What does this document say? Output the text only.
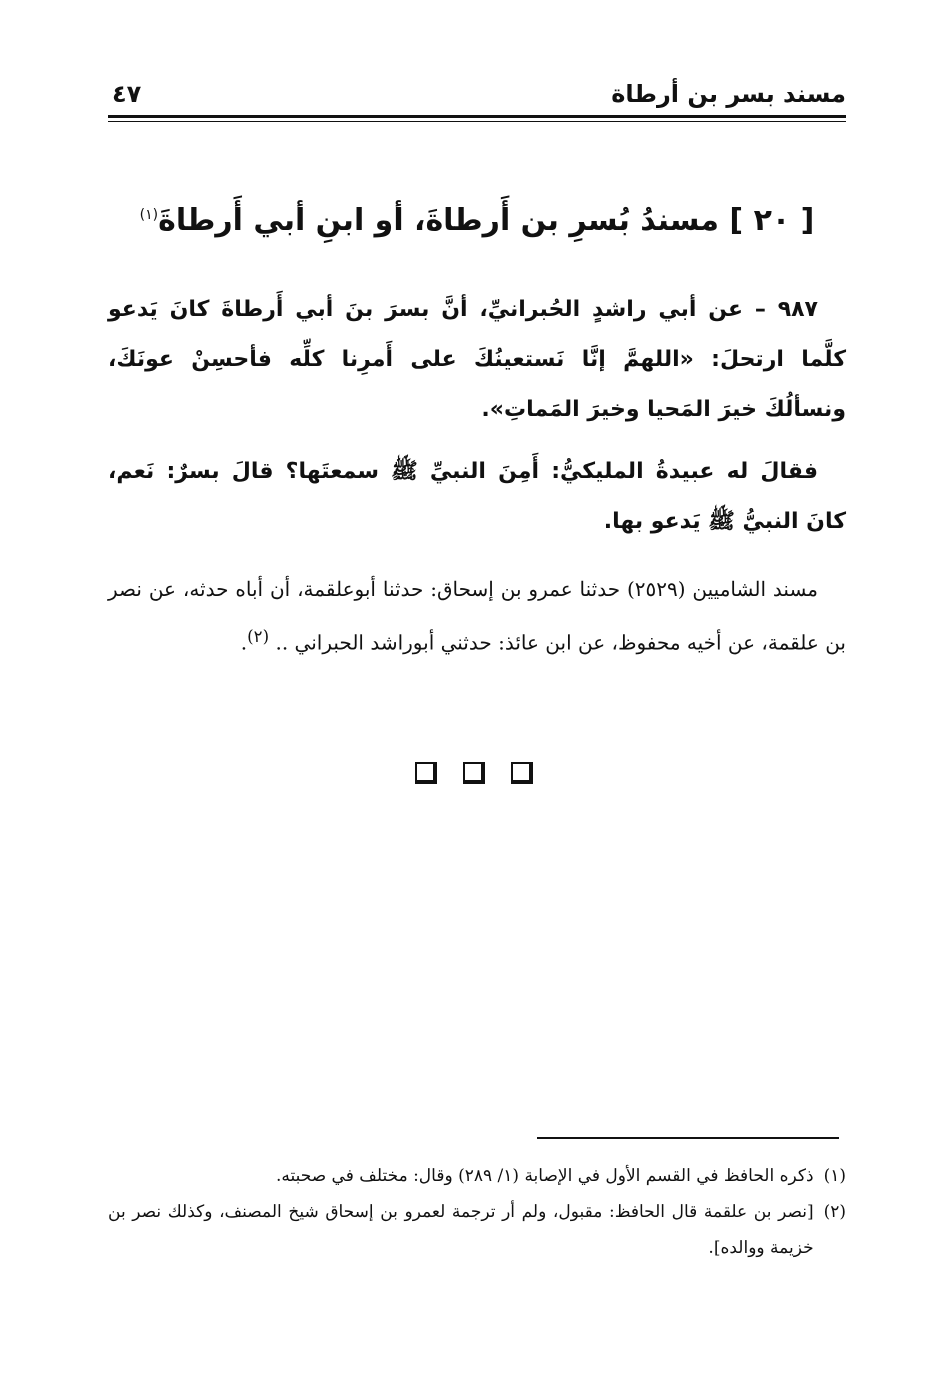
مسند بسر بن أرطاة
٤٧
[ ٢٠ ] مسندُ بُسرِ بن أَرطاةَ، أو ابنِ أبي أَرطاةَ$^{(١)}$

٩٨٧ – عن أبي راشدٍ الحُبرانيِّ، أنَّ بسرَ بنَ أبي أَرطاةَ كانَ يَدعو كلَّما ارتحلَ: «اللهمَّ إنَّا نَستعينُكَ على أَمرِنا كلِّه فأحسِنْ عونَكَ، ونسألُكَ خيرَ المَحيا وخيرَ المَماتِ».

فقالَ له عبيدةُ المليكيُّ: أَمِنَ النبيِّ ﷺ سمعتَها؟ قالَ بسرٌ: نَعم، كانَ النبيُّ ﷺ يَدعو بها.

مسند الشاميين (٢٥٢٩) حدثنا عمرو بن إسحاق: حدثنا أبوعلقمة، أن أباه حدثه، عن نصر بن علقمة، عن أخيه محفوظ، عن ابن عائذ: حدثني أبوراشد الحبراني .. $^{(٢)}$.
(١)
ذكره الحافظ في القسم الأول في الإصابة (١/ ٢٨٩) وقال: مختلف في صحبته.
(٢)
[نصر بن علقمة قال الحافظ: مقبول، ولم أر ترجمة لعمرو بن إسحاق شيخ المصنف، وكذلك نصر بن خزيمة ووالده].
